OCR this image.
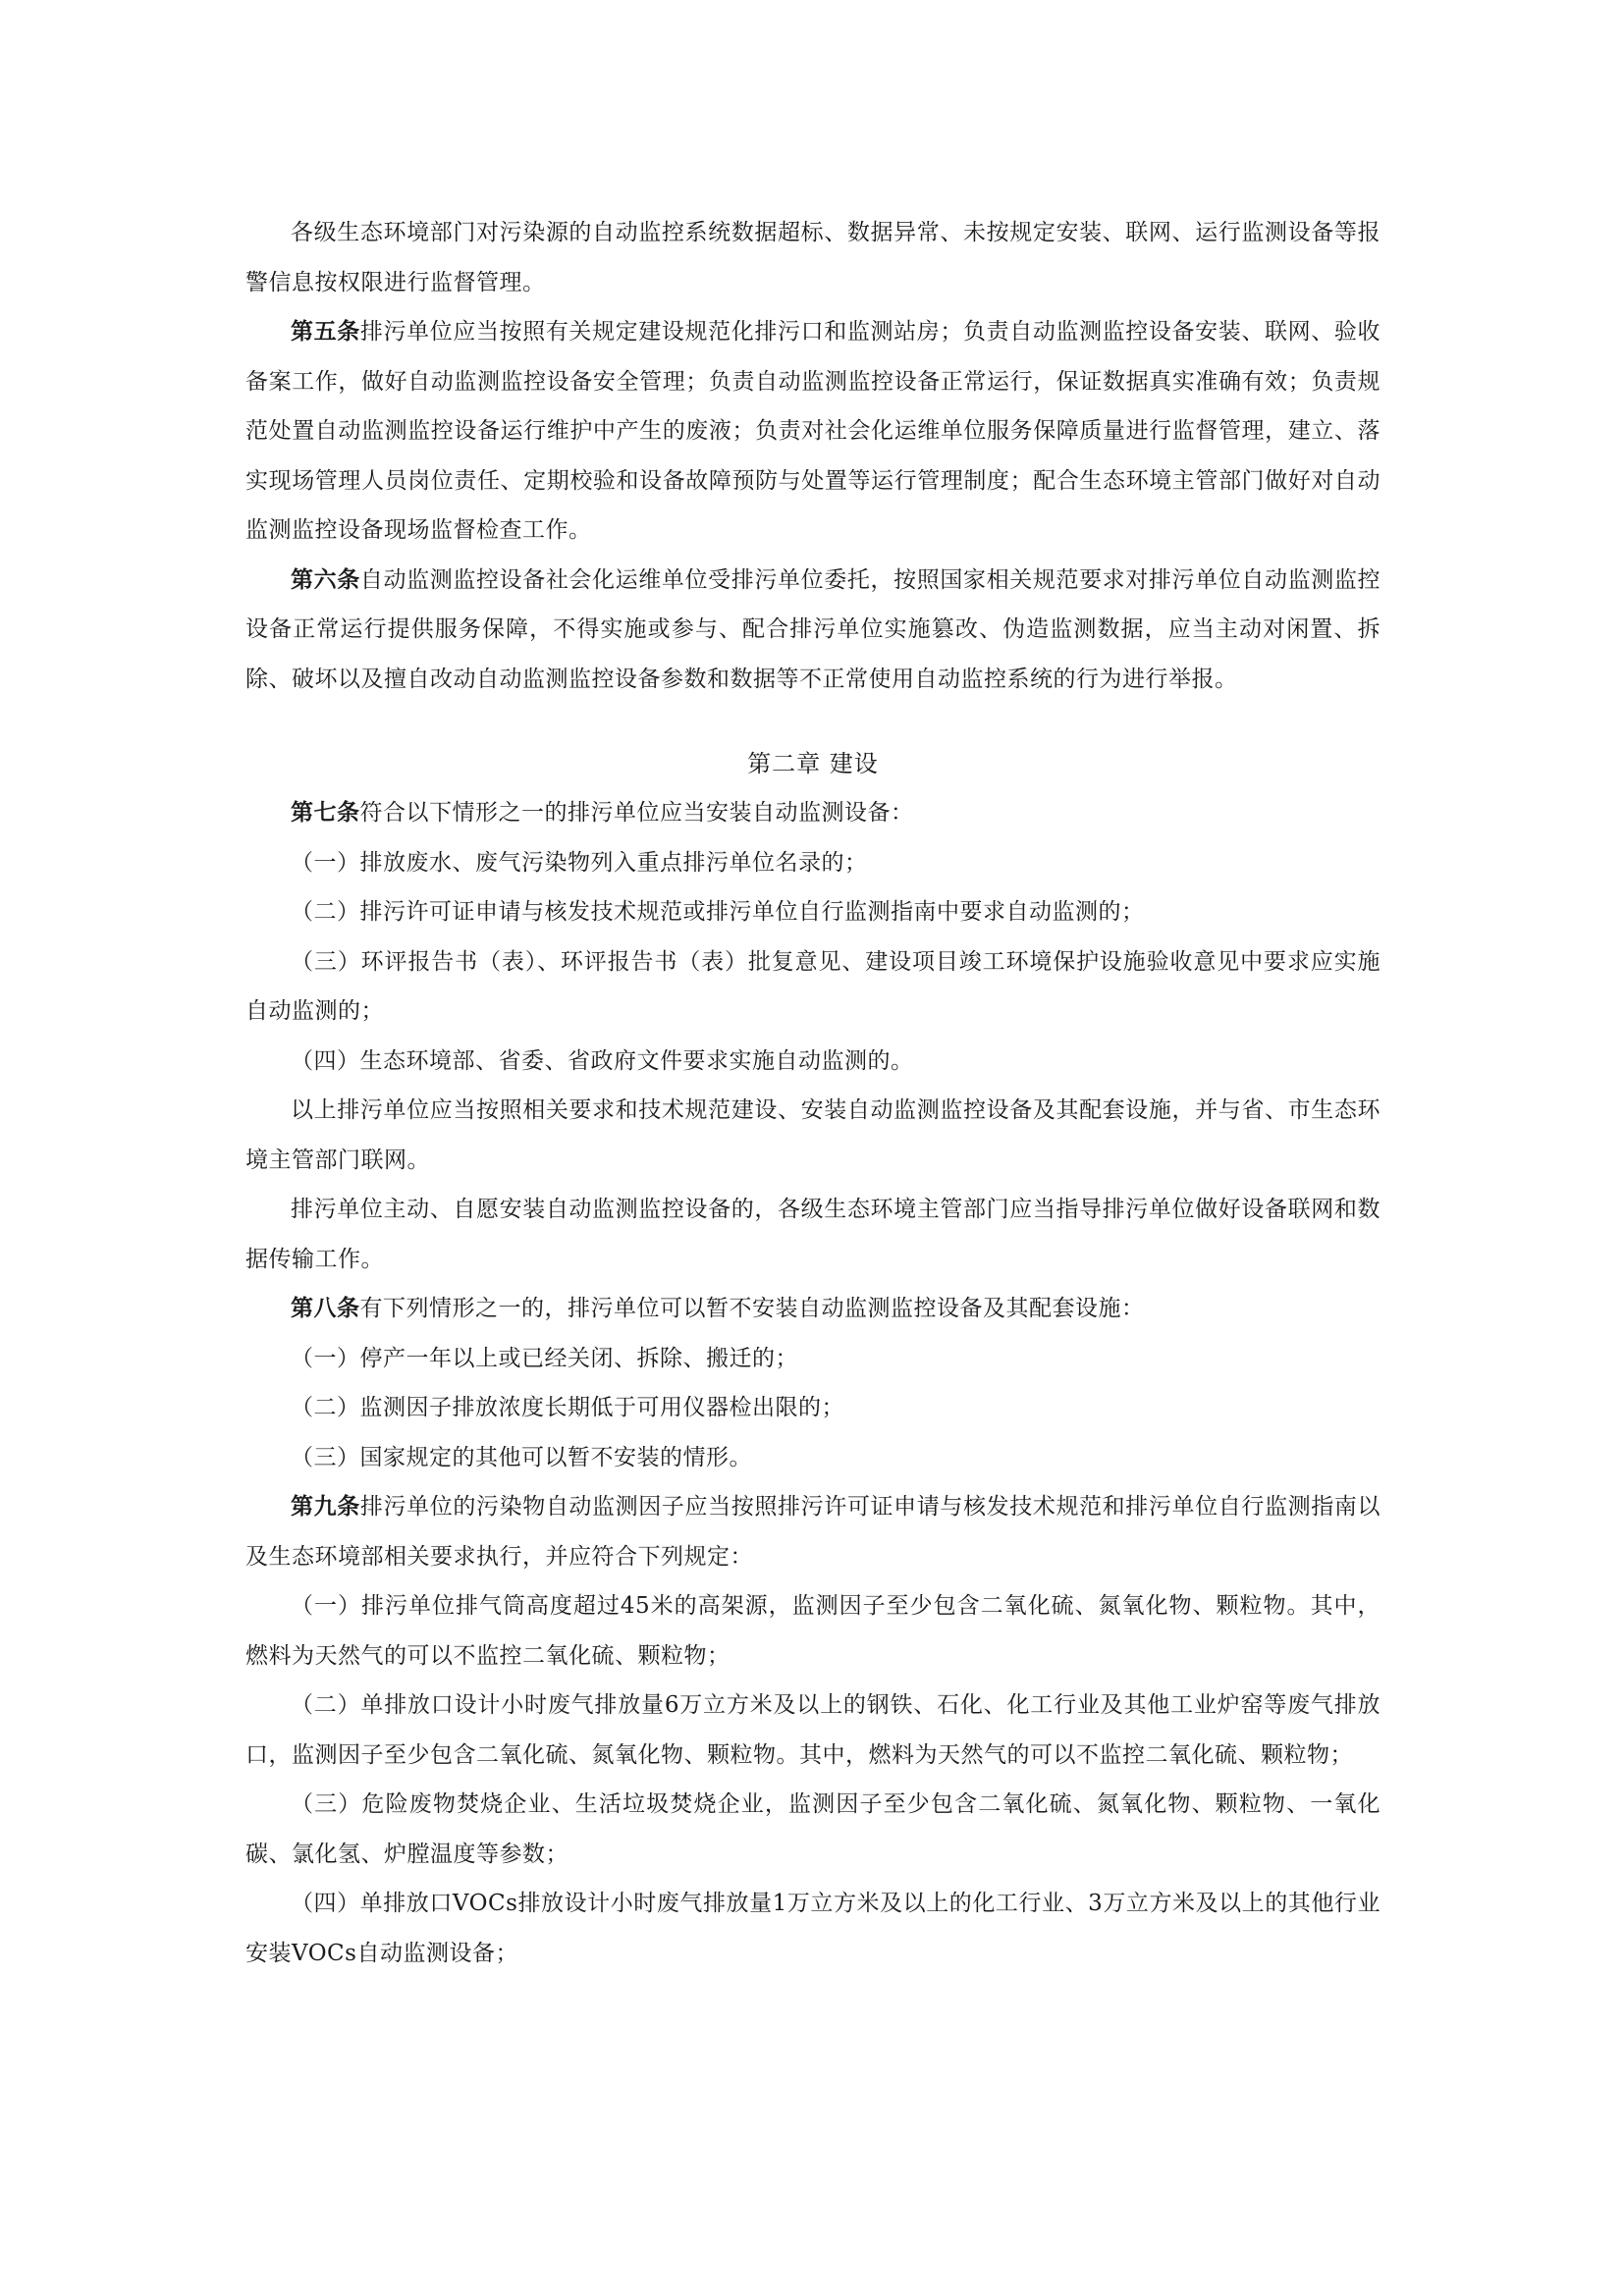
各级生态环境部门对污染源的自动监控系统数据超标、数据异常、未按规定安装、联网、运行监测设备等报警信息按权限进行监督管理。

第五条排污单位应当按照有关规定建设规范化排污口和监测站房；负责自动监测监控设备安装、联网、验收备案工作，做好自动监测监控设备安全管理；负责自动监测监控设备正常运行，保证数据真实准确有效；负责规范处置自动监测监控设备运行维护中产生的废液；负责对社会化运维单位服务保障质量进行监督管理，建立、落实现场管理人员岗位责任、定期校验和设备故障预防与处置等运行管理制度；配合生态环境主管部门做好对自动监测监控设备现场监督检查工作。

第六条自动监测监控设备社会化运维单位受排污单位委托，按照国家相关规范要求对排污单位自动监测监控设备正常运行提供服务保障，不得实施或参与、配合排污单位实施篡改、伪造监测数据，应当主动对闲置、拆除、破坏以及擅自改动自动监测监控设备参数和数据等不正常使用自动监控系统的行为进行举报。

第二章 建设

第七条符合以下情形之一的排污单位应当安装自动监测设备：

（一）排放废水、废气污染物列入重点排污单位名录的；

（二）排污许可证申请与核发技术规范或排污单位自行监测指南中要求自动监测的；

（三）环评报告书（表）、环评报告书（表）批复意见、建设项目竣工环境保护设施验收意见中要求应实施自动监测的；

（四）生态环境部、省委、省政府文件要求实施自动监测的。

以上排污单位应当按照相关要求和技术规范建设、安装自动监测监控设备及其配套设施，并与省、市生态环境主管部门联网。

排污单位主动、自愿安装自动监测监控设备的，各级生态环境主管部门应当指导排污单位做好设备联网和数据传输工作。

第八条有下列情形之一的，排污单位可以暂不安装自动监测监控设备及其配套设施：

（一）停产一年以上或已经关闭、拆除、搬迁的；

（二）监测因子排放浓度长期低于可用仪器检出限的；

（三）国家规定的其他可以暂不安装的情形。

第九条排污单位的污染物自动监测因子应当按照排污许可证申请与核发技术规范和排污单位自行监测指南以及生态环境部相关要求执行，并应符合下列规定：

（一）排污单位排气筒高度超过45米的高架源，监测因子至少包含二氧化硫、氮氧化物、颗粒物。其中，燃料为天然气的可以不监控二氧化硫、颗粒物；

（二）单排放口设计小时废气排放量6万立方米及以上的钢铁、石化、化工行业及其他工业炉窑等废气排放口，监测因子至少包含二氧化硫、氮氧化物、颗粒物。其中，燃料为天然气的可以不监控二氧化硫、颗粒物；

（三）危险废物焚烧企业、生活垃圾焚烧企业，监测因子至少包含二氧化硫、氮氧化物、颗粒物、一氧化碳、氯化氢、炉膛温度等参数；

（四）单排放口VOCs排放设计小时废气排放量1万立方米及以上的化工行业、3万立方米及以上的其他行业安装VOCs自动监测设备；
